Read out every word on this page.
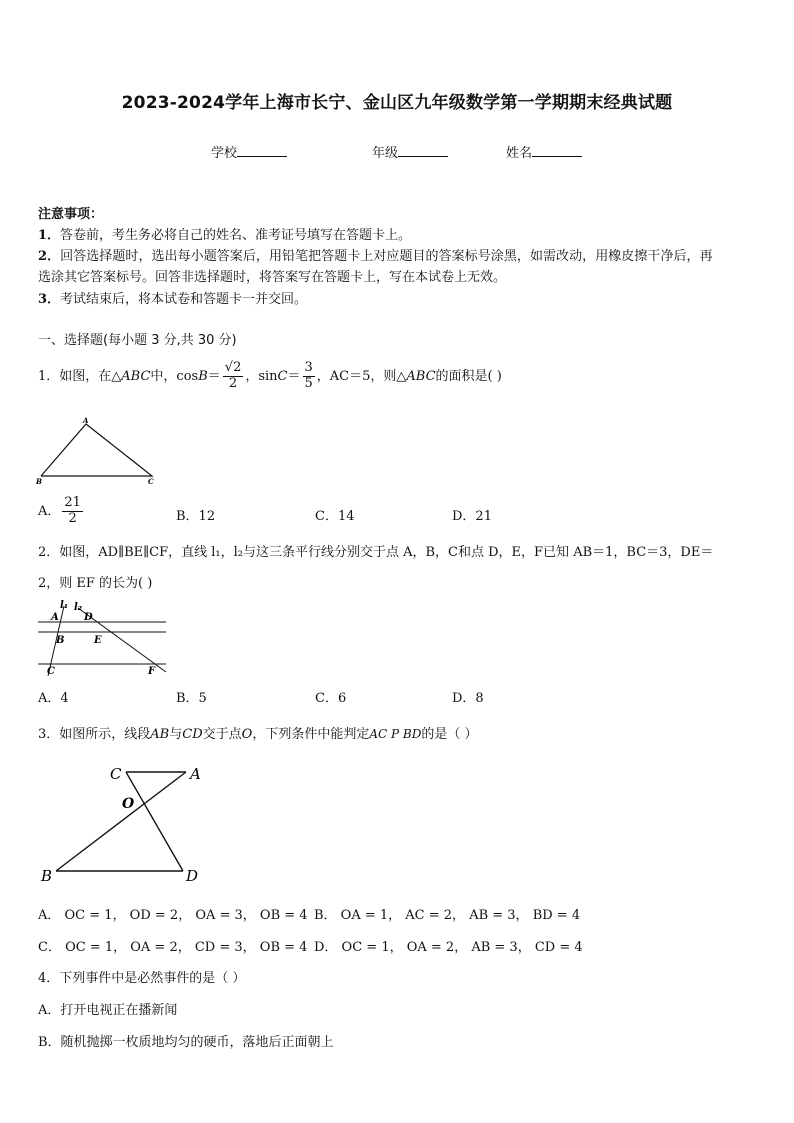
2023-2024学年上海市长宁、金山区九年级数学第一学期期末经典试题
学校	年级	姓名
注意事项：
1．答卷前，考生务必将自己的姓名、准考证号填写在答题卡上。
2．回答选择题时，选出每小题答案后，用铅笔把答题卡上对应题目的答案标号涂黑，如需改动，用橡皮擦干净后，再
选涂其它答案标号。回答非选择题时，将答案写在答题卡上，写在本试卷上无效。
3．考试结束后，将本试卷和答题卡一并交回。
一、选择题(每小题 3 分,共 30 分)
1．如图，在△ABC中，$\cos B= \frac{√2}{2}$ ，$\sin C= \frac{3}{5}$ ，AC＝5，则△ABC的面积是( )
A
B	C
A． $\frac{21}{2}$	B．12	C．14	D．21
2．如图，AD∥BE∥CF，直线 l₁，l₂与这三条平行线分别交于点 A，B，C和点 D，E，F已知 AB＝1，BC＝3，DE＝
2，则 EF 的长为( )
l₁ l₂
A	D
B	E
C	F
A．4	B．5	C．6	D．8
3．如图所示，线段AB与CD交于点O，下列条件中能判定AC P BD的是（ ）
C	A
O
B	D
A． OC = 1， OD = 2， OA = 3， OB = 4 B． OA = 1， AC = 2， AB = 3， BD = 4
C． OC = 1， OA = 2， CD = 3， OB = 4 D． OC = 1， OA = 2， AB = 3， CD = 4
4．下列事件中是必然事件的是（ ）
A．打开电视正在播新闻
B．随机抛掷一枚质地均匀的硬币，落地后正面朝上
